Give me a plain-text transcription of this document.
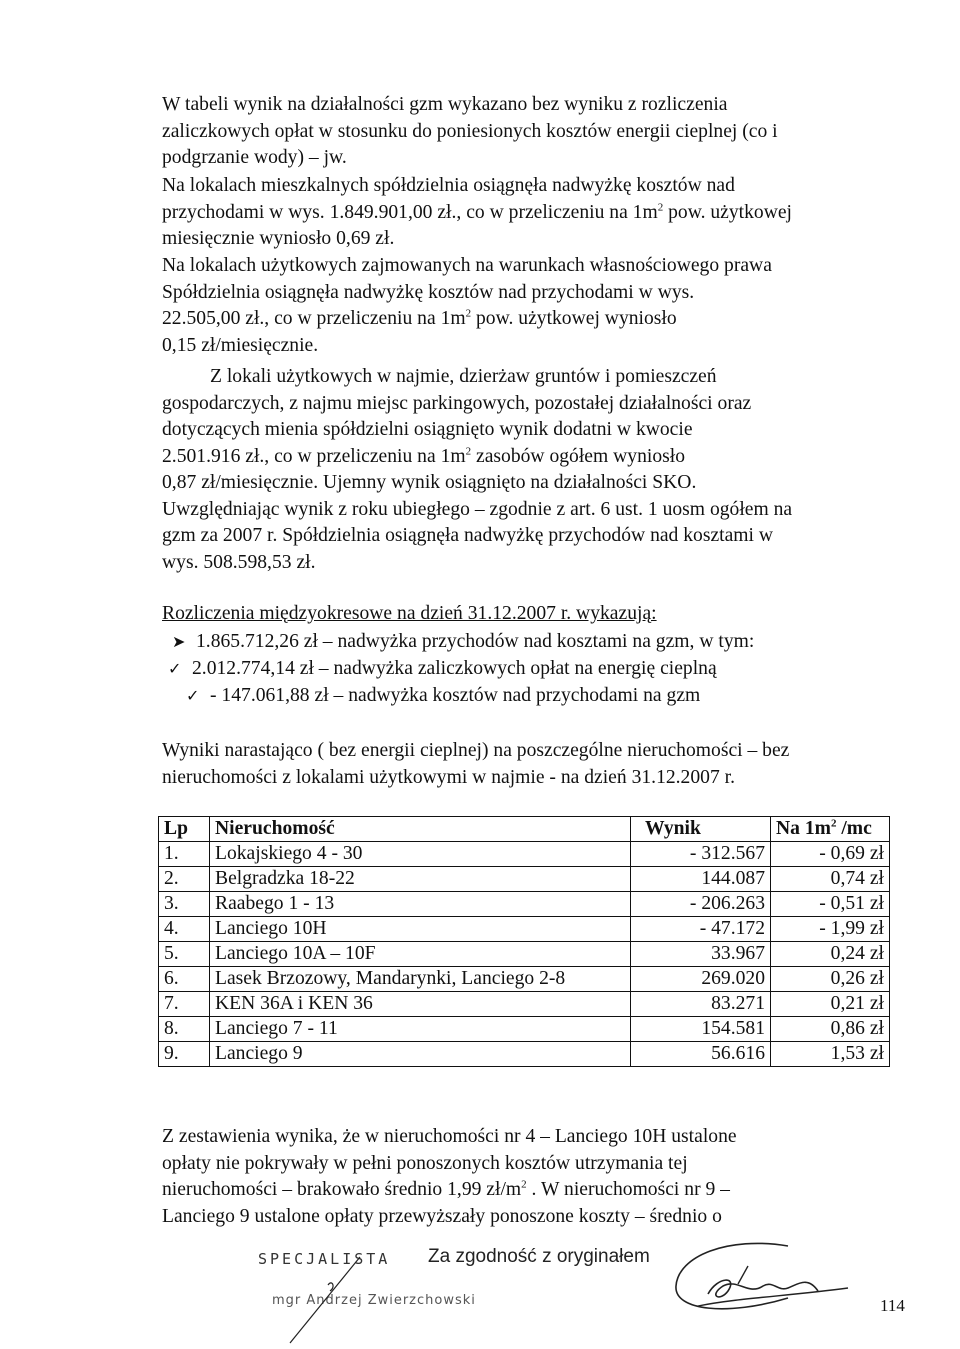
W tabeli wynik na działalności gzm wykazano bez wyniku z rozliczenia
zaliczkowych opłat w stosunku do poniesionych kosztów energii cieplnej (co i
podgrzanie wody) – jw.
Na lokalach mieszkalnych spółdzielnia osiągnęła nadwyżkę kosztów nad
przychodami w wys. 1.849.901,00 zł., co w przeliczeniu na $1m^2$ pow. użytkowej
miesięcznie wyniosło 0,69 zł.
Na lokalach użytkowych zajmowanych na warunkach własnościowego prawa
Spółdzielnia osiągnęła nadwyżkę kosztów nad przychodami w wys.
22.505,00 zł., co w przeliczeniu na $1m^2$ pow. użytkowej wyniosło
0,15 zł/miesięcznie.
Z lokali użytkowych w najmie, dzierżaw gruntów i pomieszczeń
gospodarczych, z najmu miejsc parkingowych, pozostałej działalności oraz
dotyczących mienia spółdzielni osiągnięto wynik dodatni w kwocie
2.501.916 zł., co w przeliczeniu na $1m^2$ zasobów ogółem wyniosło
0,87 zł/miesięcznie. Ujemny wynik osiągnięto na działalności SKO.
Uwzględniając wynik z roku ubiegłego – zgodnie z art. 6 ust. 1 uosm ogółem na
gzm za 2007 r. Spółdzielnia osiągnęła nadwyżkę przychodów nad kosztami w
wys. 508.598,53 zł.
Rozliczenia międzyokresowe na dzień 31.12.2007 r. wykazują:
➤ 1.865.712,26 zł – nadwyżka przychodów nad kosztami na gzm, w tym:
✓ 2.012.774,14 zł – nadwyżka zaliczkowych opłat na energię cieplną
✓ - 147.061,88 zł – nadwyżka kosztów nad przychodami na gzm
Wyniki narastająco ( bez energii cieplnej) na poszczególne nieruchomości – bez
nieruchomości z lokalami użytkowymi w najmie - na dzień 31.12.2007 r.
Lp	Nieruchomość	Wynik	Na $1m^2$ /mc
1.	Lokajskiego 4 - 30	- 312.567	- 0,69 zł
2.	Belgradzka 18-22	144.087	0,74 zł
3.	Raabego 1 - 13	- 206.263	- 0,51 zł
4.	Lanciego 10H	- 47.172	- 1,99 zł
5.	Lanciego 10A – 10F	33.967	0,24 zł
6.	Lasek Brzozowy, Mandarynki, Lanciego 2-8	269.020	0,26 zł
7.	KEN 36A i KEN 36	83.271	0,21 zł
8.	Lanciego 7 - 11	154.581	0,86 zł
9.	Lanciego 9	56.616	1,53 zł
Z zestawienia wynika, że w nieruchomości nr 4 – Lanciego 10H ustalone
opłaty nie pokrywały w pełni ponoszonych kosztów utrzymania tej
nieruchomości – brakowało średnio 1,99 $zł/m^2$ . W nieruchomości nr 9 –
Lanciego 9 ustalone opłaty przewyższały ponoszone koszty – średnio o
SPECJALISTA Za zgodność z oryginałem
mgr Andrzej Zwierzchowski	114
